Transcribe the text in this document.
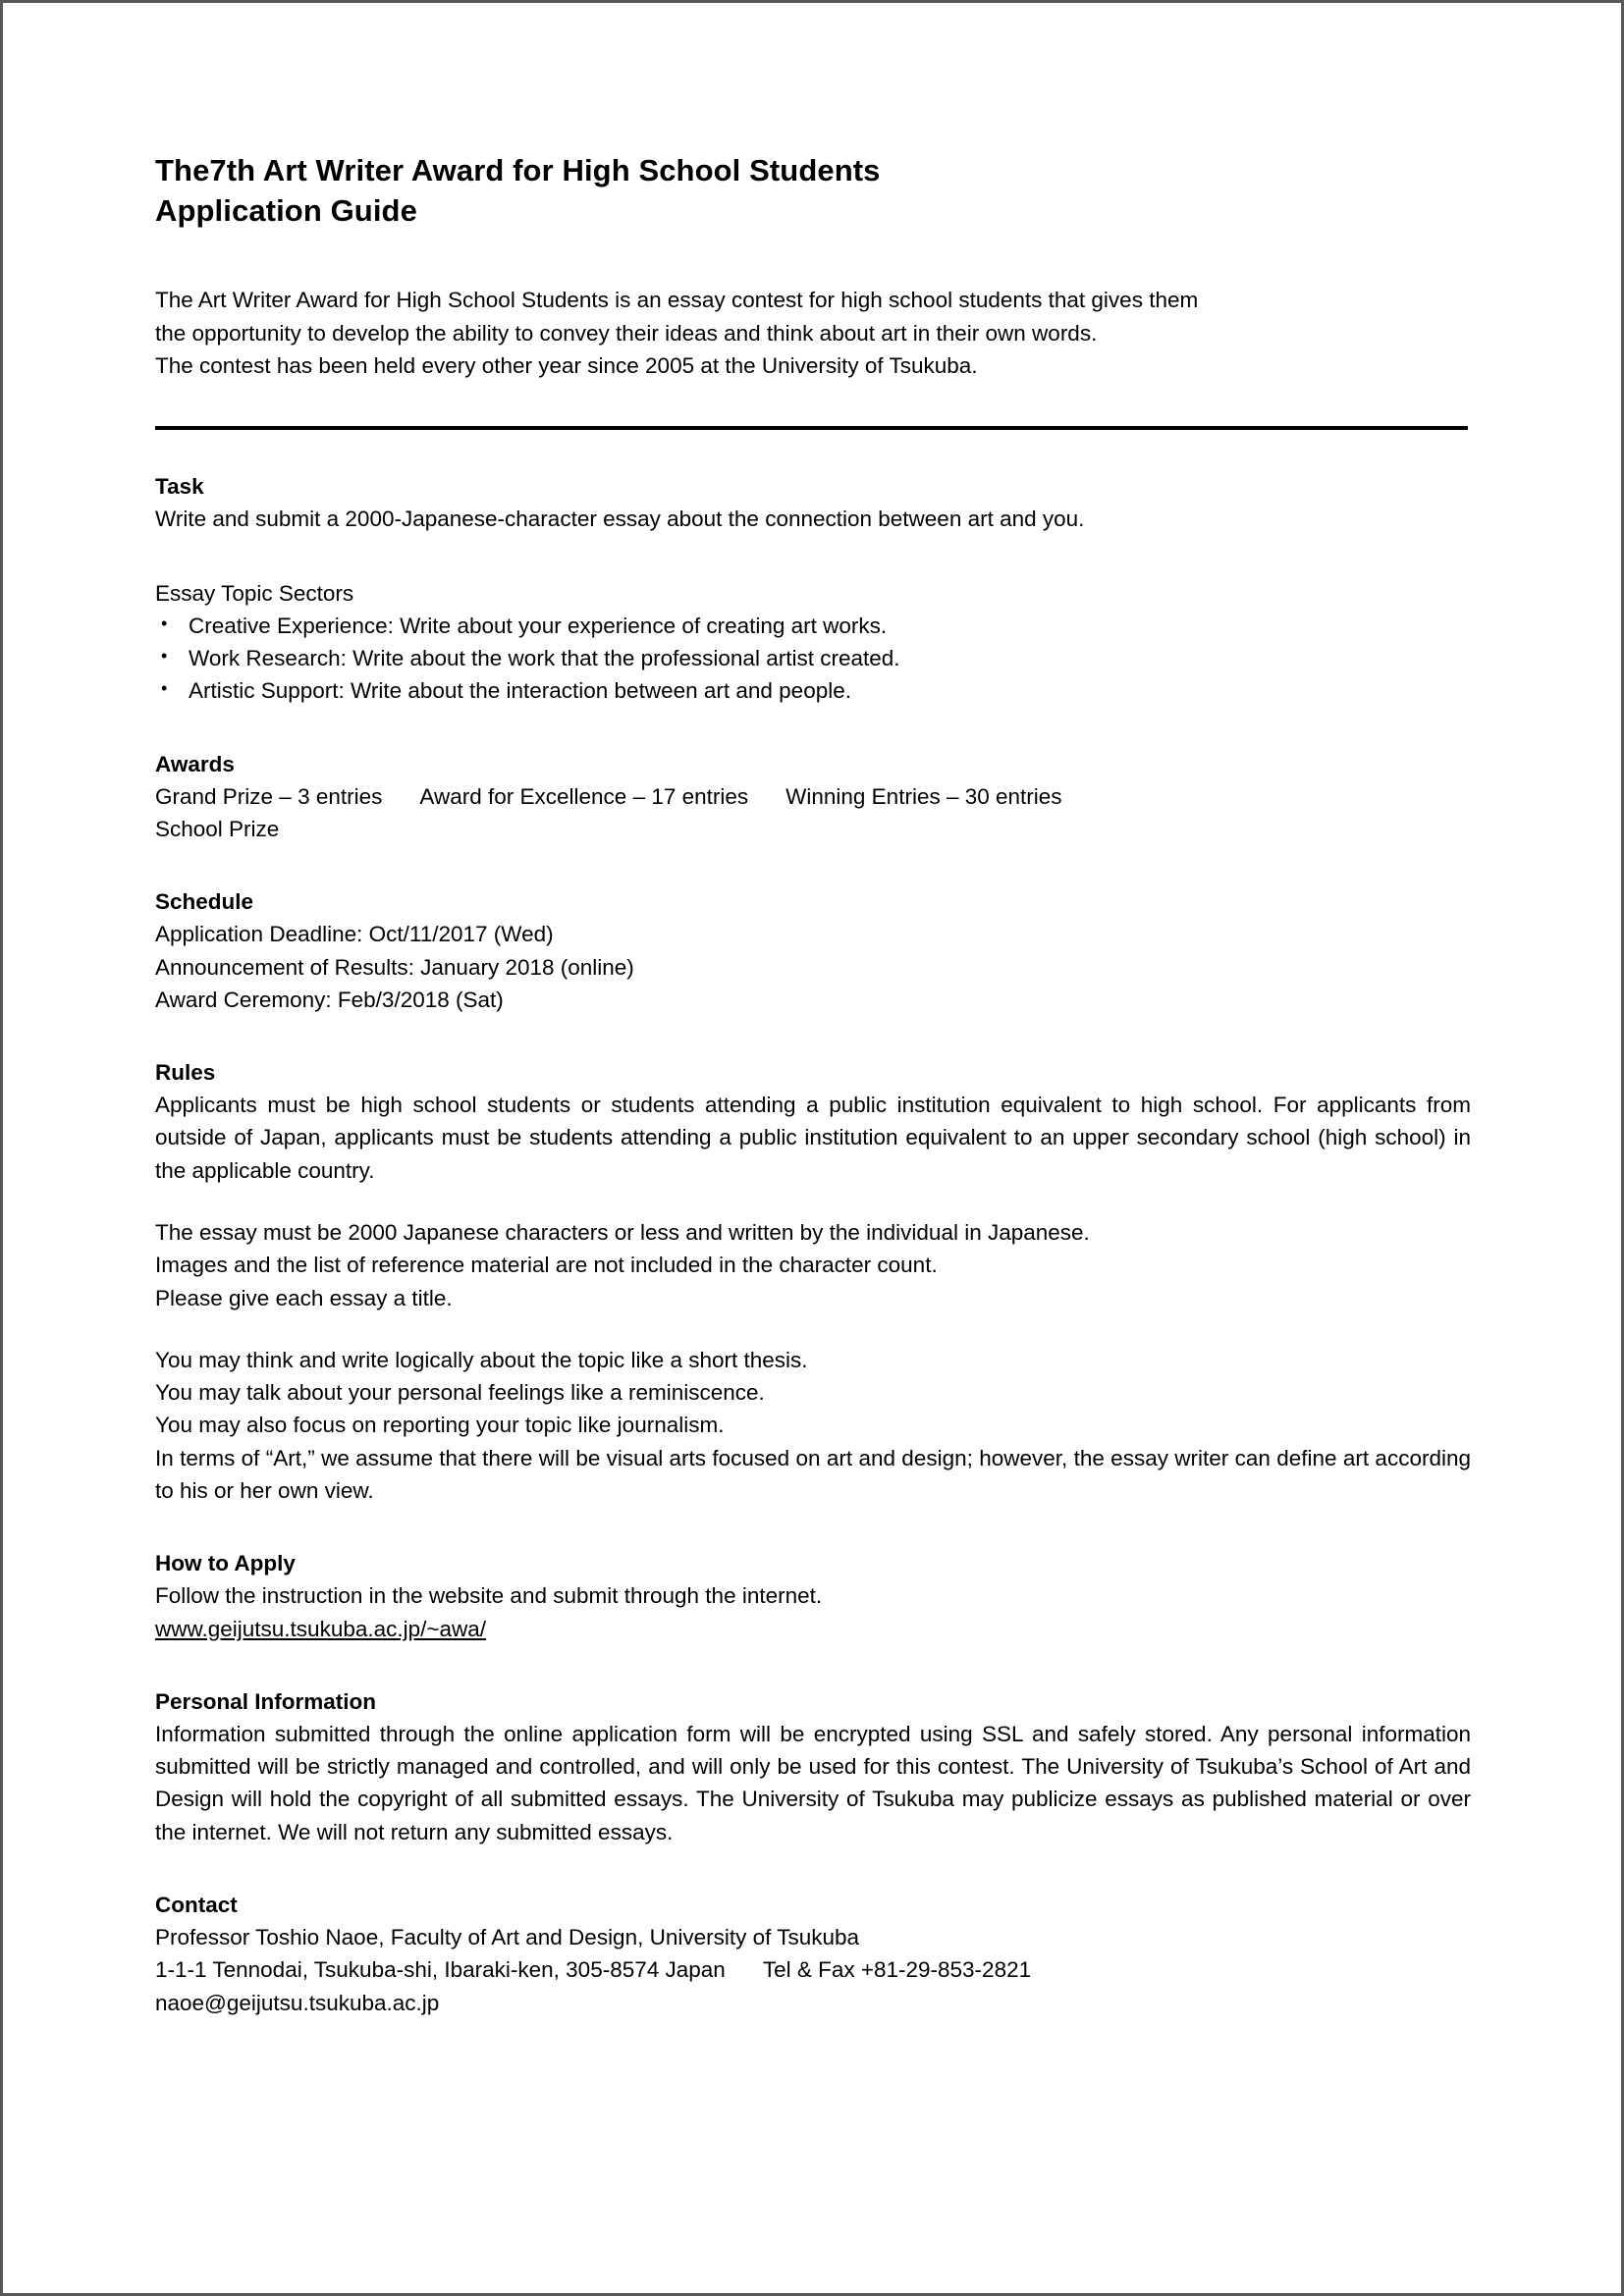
The7th Art Writer Award for High School Students
Application Guide
The Art Writer Award for High School Students is an essay contest for high school students that gives them
the opportunity to develop the ability to convey their ideas and think about art in their own words.
The contest has been held every other year since 2005 at the University of Tsukuba.
Task
Write and submit a 2000-Japanese-character essay about the connection between art and you.
Essay Topic Sectors
• Creative Experience: Write about your experience of creating art works.
• Work Research: Write about the work that the professional artist created.
• Artistic Support: Write about the interaction between art and people.
Awards
Grand Prize – 3 entries Award for Excellence – 17 entries Winning Entries – 30 entries
School Prize
Schedule
Application Deadline: Oct/11/2017 (Wed)
Announcement of Results: January 2018 (online)
Award Ceremony: Feb/3/2018 (Sat)
Rules
Applicants must be high school students or students attending a public institution equivalent to high school. For applicants from outside of Japan, applicants must be students attending a public institution equivalent to an upper secondary school (high school) in the applicable country.
The essay must be 2000 Japanese characters or less and written by the individual in Japanese.
Images and the list of reference material are not included in the character count.
Please give each essay a title.
You may think and write logically about the topic like a short thesis.
You may talk about your personal feelings like a reminiscence.
You may also focus on reporting your topic like journalism.
In terms of “Art,” we assume that there will be visual arts focused on art and design; however, the essay writer can define art according to his or her own view.
How to Apply
Follow the instruction in the website and submit through the internet.
www.geijutsu.tsukuba.ac.jp/~awa/
Personal Information
Information submitted through the online application form will be encrypted using SSL and safely stored. Any personal information submitted will be strictly managed and controlled, and will only be used for this contest. The University of Tsukuba’s School of Art and Design will hold the copyright of all submitted essays. The University of Tsukuba may publicize essays as published material or over the internet. We will not return any submitted essays.
Contact
Professor Toshio Naoe, Faculty of Art and Design, University of Tsukuba
1-1-1 Tennodai, Tsukuba-shi, Ibaraki-ken, 305-8574 Japan Tel & Fax +81-29-853-2821
naoe@geijutsu.tsukuba.ac.jp
